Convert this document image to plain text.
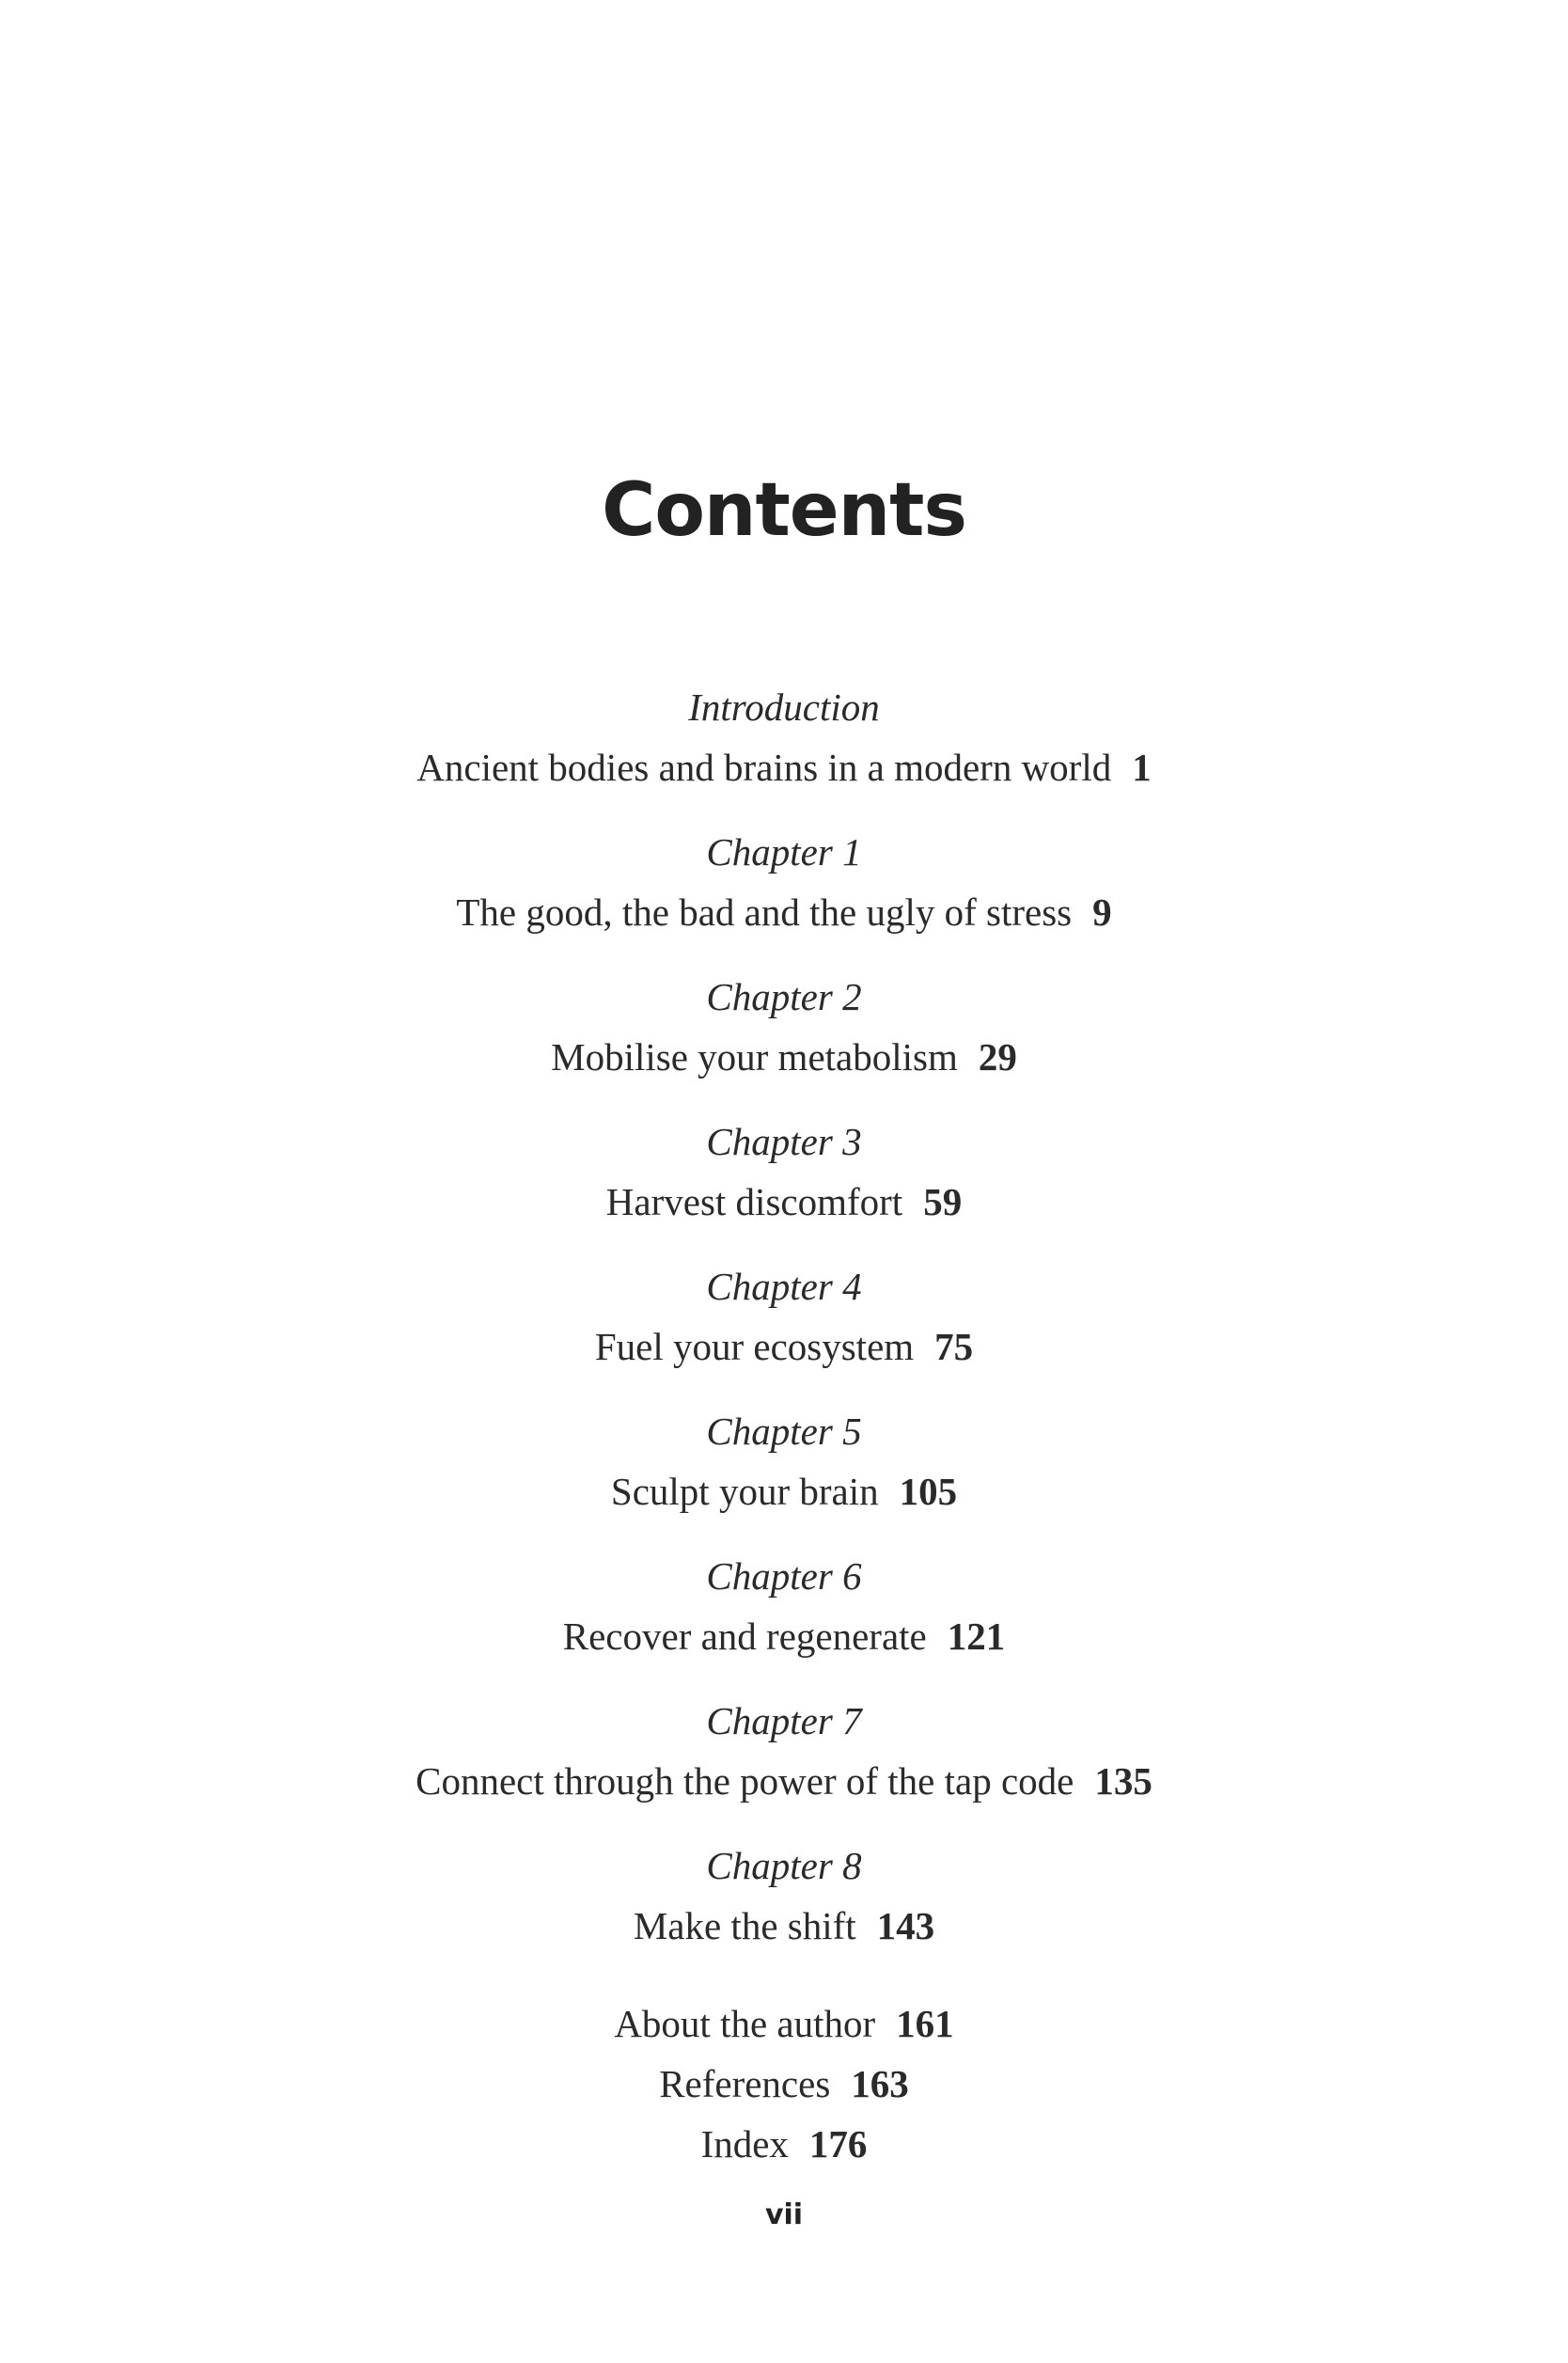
Contents
Introduction
Ancient bodies and brains in a modern world 1
Chapter 1
The good, the bad and the ugly of stress 9
Chapter 2
Mobilise your metabolism 29
Chapter 3
Harvest discomfort 59
Chapter 4
Fuel your ecosystem 75
Chapter 5
Sculpt your brain 105
Chapter 6
Recover and regenerate 121
Chapter 7
Connect through the power of the tap code 135
Chapter 8
Make the shift 143
About the author 161
References 163
Index 176
vii
